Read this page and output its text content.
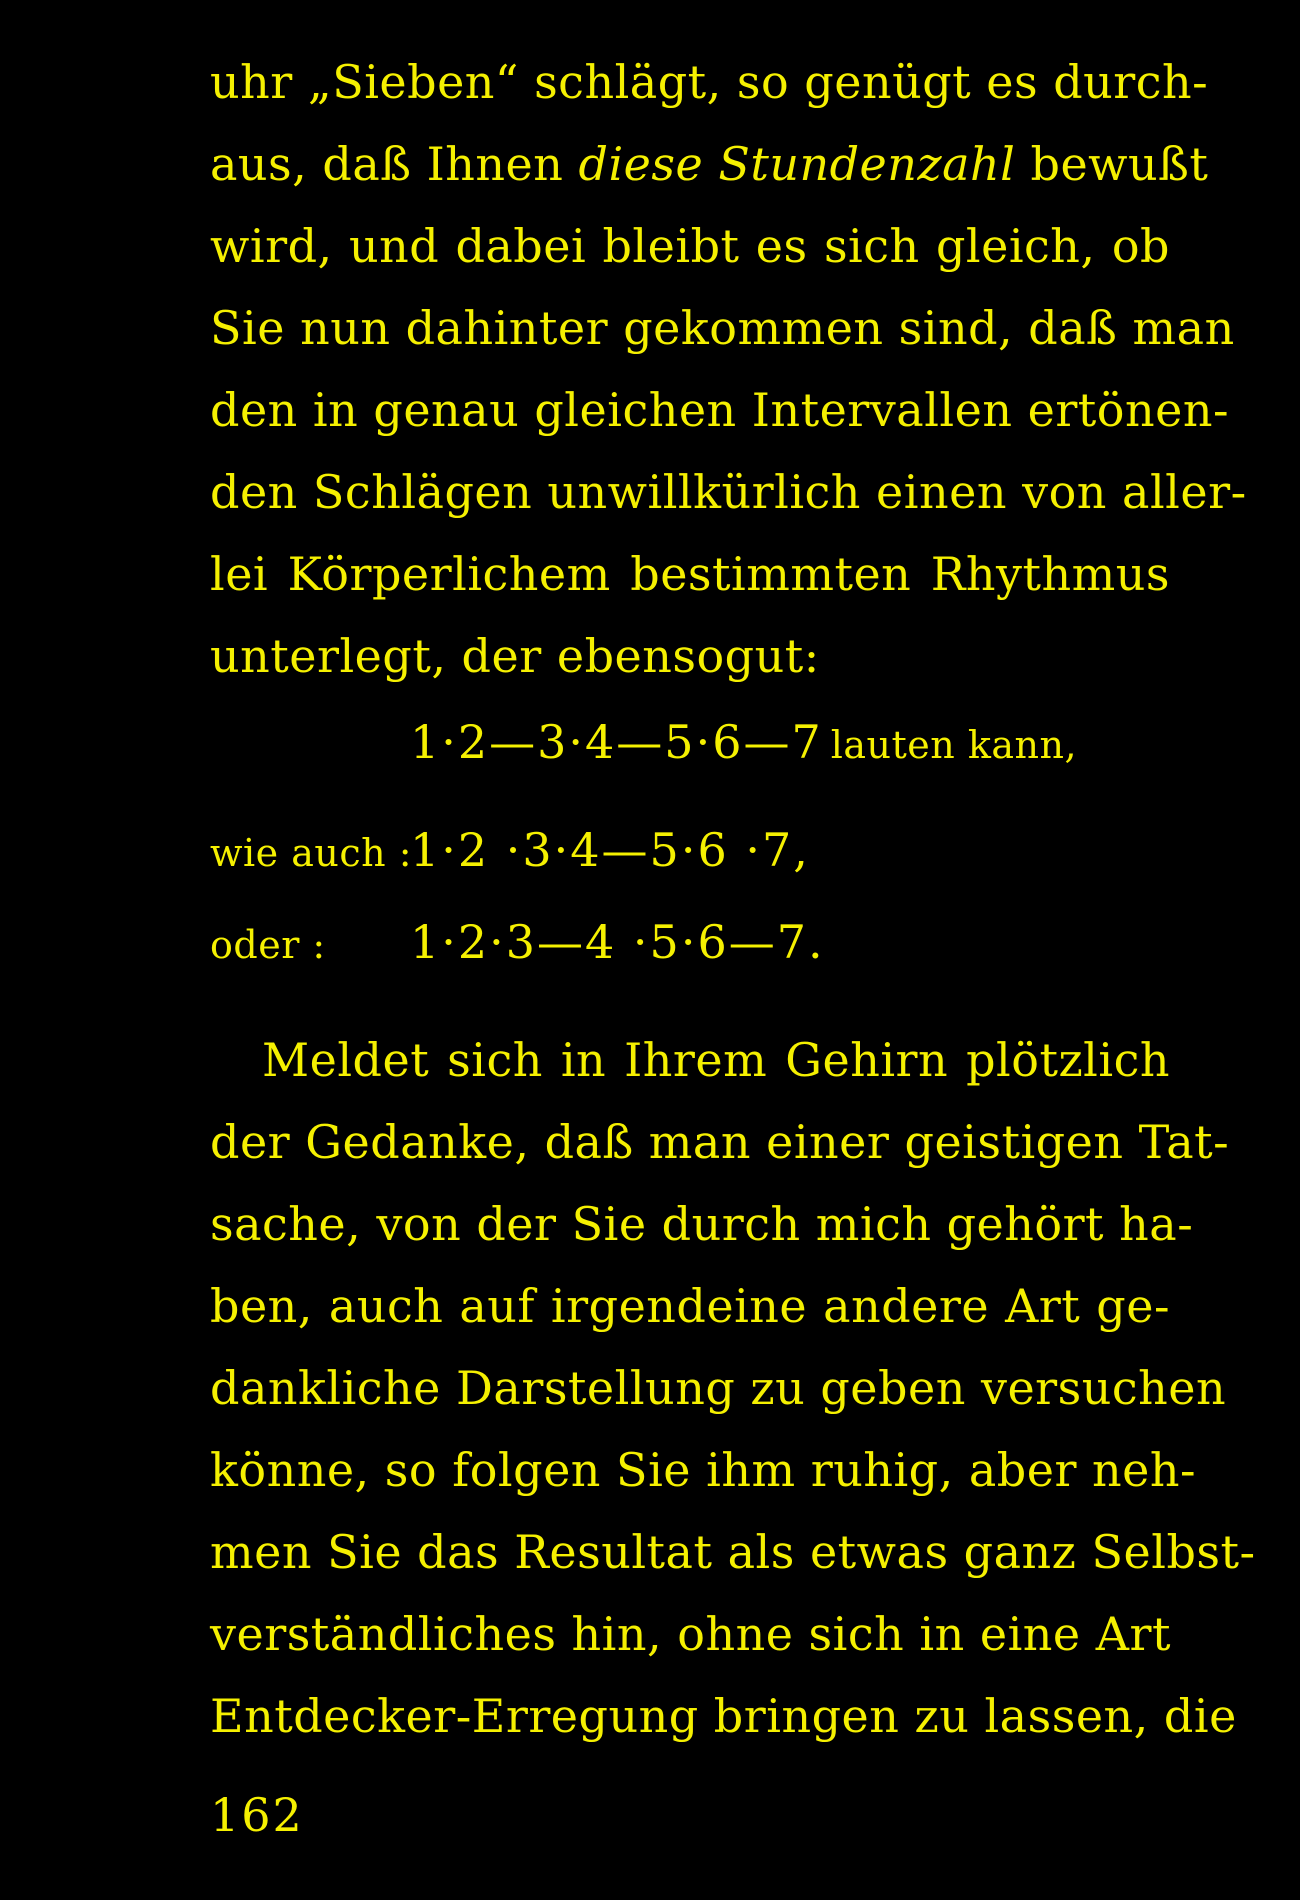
uhr „Sieben“ schlägt, so genügt es durch-
aus, daß Ihnen diese Stundenzahl bewußt
wird, und dabei bleibt es sich gleich, ob
Sie nun dahinter gekommen sind, daß man
den in genau gleichen Intervallen ertönen-
den Schlägen unwillkürlich einen von aller-
lei Körperlichem bestimmten Rhythmus
unterlegt, der ebensogut:
1·2—3·4—5·6—7 lauten kann,
wie auch :1·2 ·3·4—5·6 ·7,
oder : 1·2·3—4 ·5·6—7.
Meldet sich in Ihrem Gehirn plötzlich
der Gedanke, daß man einer geistigen Tat-
sache, von der Sie durch mich gehört ha-
ben, auch auf irgendeine andere Art ge-
dankliche Darstellung zu geben versuchen
könne, so folgen Sie ihm ruhig, aber neh-
men Sie das Resultat als etwas ganz Selbst-
verständliches hin, ohne sich in eine Art
Entdecker-Erregung bringen zu lassen, die
162
